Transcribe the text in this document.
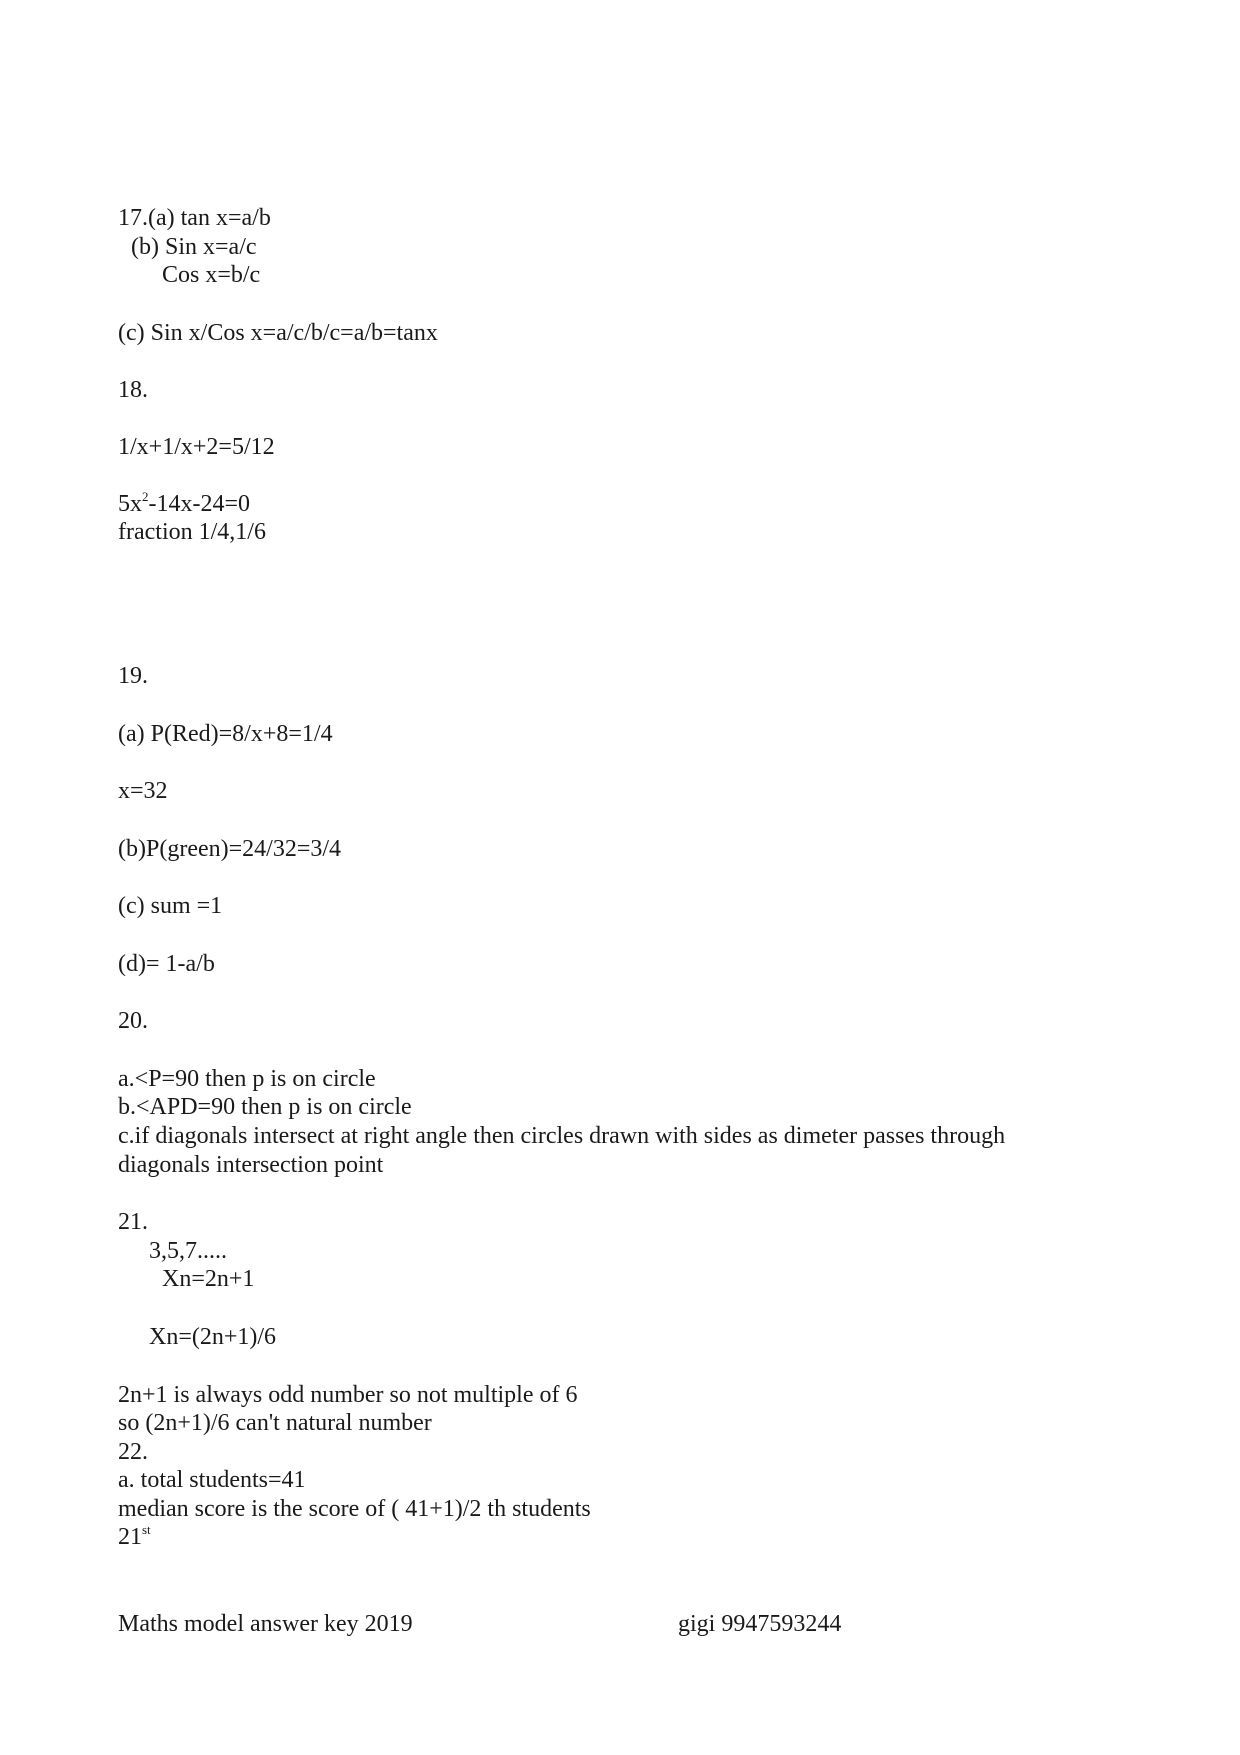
17.(a) tan x=a/b
(b) Sin x=a/c
Cos x=b/c
(c) Sin x/Cos x=a/c/b/c=a/b=tanx
18.
1/x+1/x+2=5/12
$5x^2-14x-24=0$
fraction 1/4,1/6
19.
(a) P(Red)=8/x+8=1/4
x=32
(b)P(green)=24/32=3/4
(c) sum =1
(d)= 1-a/b
20.
a.<P=90 then p is on circle
b.<APD=90 then p is on circle
c.if diagonals intersect at right angle then circles drawn with sides as dimeter passes through diagonals intersection point
21.
3,5,7.....
Xn=2n+1
Xn=(2n+1)/6
2n+1 is always odd number so not multiple of 6
so (2n+1)/6 can't natural number
22.
a. total students=41
median score is the score of ( 41+1)/2 th students
21st
Maths model answer key 2019	gigi 9947593244
